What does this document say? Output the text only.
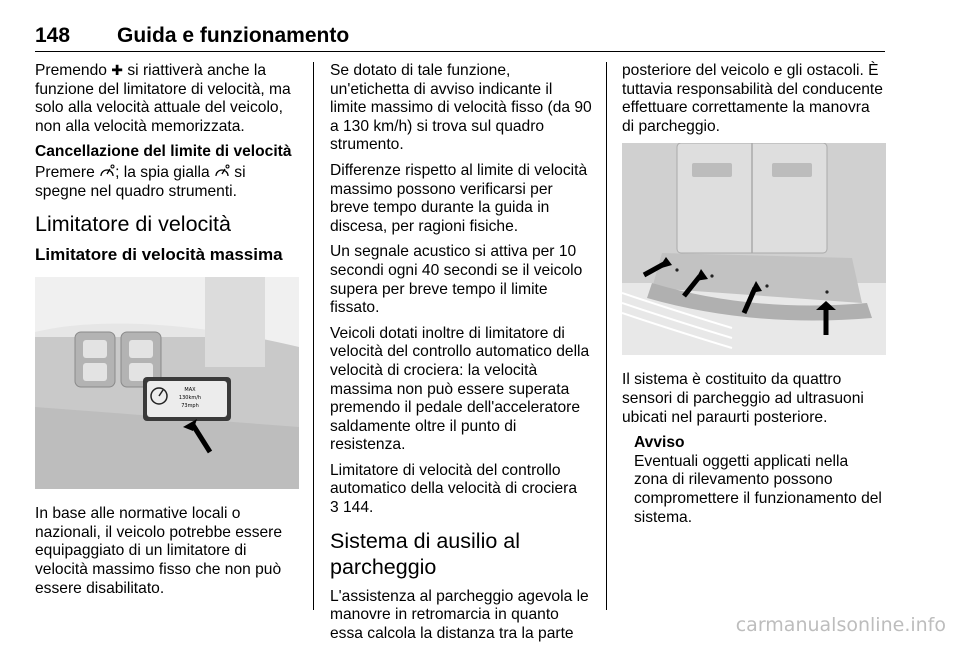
148 Guida e funzionamento

Premendo ✚ si riattiverà anche la funzione del limitatore di velocità, ma solo alla velocità attuale del veicolo, non alla velocità memorizzata.

Cancellazione del limite di velocità

Premere ; la spia gialla  si spegne nel quadro strumenti.

Limitatore di velocità
Limitatore di velocità massima
MAX
130km/h
73mph

In base alle normative locali o nazionali, il veicolo potrebbe essere equipaggiato di un limitatore di velocità massimo fisso che non può essere disabilitato.

Se dotato di tale funzione, un'etichetta di avviso indicante il limite massimo di velocità fisso (da 90 a 130 km/h) si trova sul quadro strumento.

Differenze rispetto al limite di velocità massimo possono verificarsi per breve tempo durante la guida in discesa, per ragioni fisiche.

Un segnale acustico si attiva per 10 secondi ogni 40 secondi se il veicolo supera per breve tempo il limite fissato.

Veicoli dotati inoltre di limitatore di velocità del controllo automatico della velocità di crociera: la velocità massima non può essere superata premendo il pedale dell'acceleratore saldamente oltre il punto di resistenza.

Limitatore di velocità del controllo automatico della velocità di crociera
3 144.

Sistema di ausilio al parcheggio

L'assistenza al parcheggio agevola le manovre in retromarcia in quanto essa calcola la distanza tra la parte

posteriore del veicolo e gli ostacoli. È tuttavia responsabilità del conducente effettuare correttamente la manovra di parcheggio.

Il sistema è costituito da quattro sensori di parcheggio ad ultrasuoni ubicati nel paraurti posteriore.

Avviso
Eventuali oggetti applicati nella zona di rilevamento possono compromettere il funzionamento del sistema.
carmanualsonline.info
